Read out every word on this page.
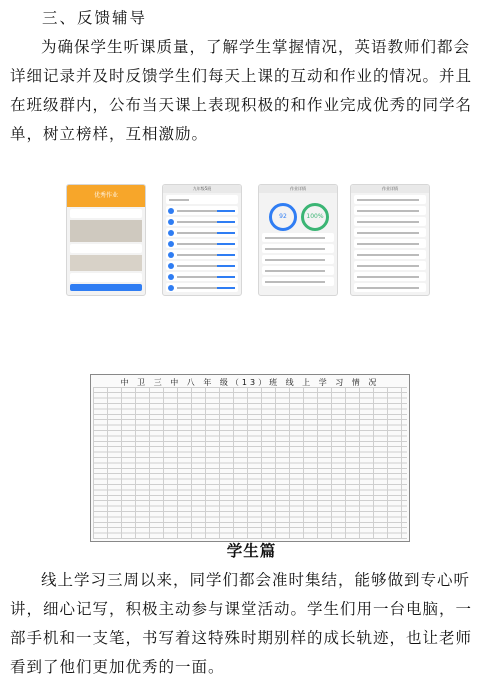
三、反馈辅导

为确保学生听课质量，了解学生掌握情况，英语教师们都会

详细记录并及时反馈学生们每天上课的互动和作业的情况。并且

在班级群内，公布当天课上表现积极的和作业完成优秀的同学名

单，树立榜样，互相激励。

优秀作业
九年级5班	作业详情
92	100%
作业详情
中 卫 三 中 八 年 级（13）班 线 上 学 习 情 况
学生篇

线上学习三周以来，同学们都会准时集结，能够做到专心听

讲，细心记写，积极主动参与课堂活动。学生们用一台电脑，一

部手机和一支笔，书写着这特殊时期别样的成长轨迹，也让老师

看到了他们更加优秀的一面。
